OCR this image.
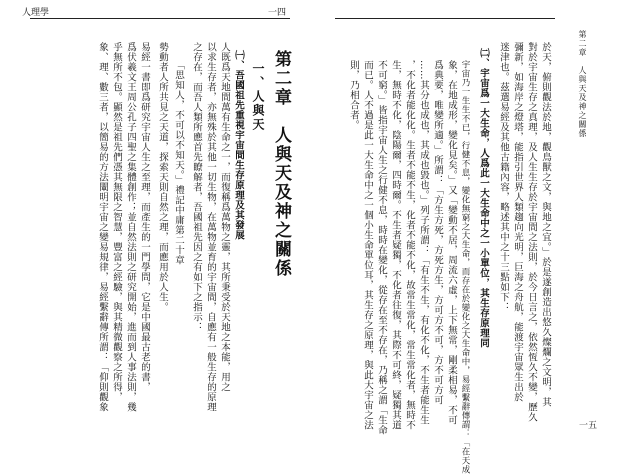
人理學	一四
第二章　人與天及神之關係
一、人與天
㈠、吾國祖先重視宇宙間生存原理及其發展
人既爲天地間萬有生命之一，而復稱爲萬物之靈，其所秉受於天地之本能，用之
以求生存者，亦無殊於其他一切生物，在萬物並育的宇宙間，自應有一般生存的原理
之存在，而吾人類所應首先瞭解者，吾國祖先因之有如下之指示：
「思知人，不可以不知天。」禮記中庸第二十章
勢動者人所共見之天道，探索天則自然之理，而應用於人生。
易經一書即爲研究宇宙人生之至理，而產生的一門學問，它是中國最古老的書，
爲伏羲文王周公孔子四聖之集體創作；並自然法則之研究開始，進而到人事法則，幾
乎無所不包。顯然是祖先們憑其無限之智慧，豐富之經驗，與其精微觀察之所得，
象、理、數三者，以簡易的方法闡明宇宙之變易規律，易經繫辭傳所謂：「仰則觀象	第二章　人與天及神之關係
一五
於天，俯則觀法於地，觀鳥獸之文，與地之宜。」於是遂創造出悠久燦爛之文明，其
對於宇宙生存之真理，及人生生存於宇宙間之法則，於今日言之，依然恆久不變，歷久
彌新，如海岸之燈塔，能指引世界人類趨向光明，巨海之舟航，能渡宇宙眾生出於
迷津也。茲選易經及其他古籍內容，略述其中之十三點如下：
㈡、宇宙爲一大生命，人爲此一大生命中之一小單位，其生存原理同
宇宙乃一生生不已，行健不息，變化無窮之大生命，而存在於變化之大生命中，易經繫辭傳謂：「在天成
象，在地成形，變化見矣。」又「變動不居，周流六虛，上下無常，剛柔相易，不可
爲典要，唯變所適。」所謂：「方生方死，方死方生，方可方不可，方不可方可
……其分也成也，其成也毀也。」列子所謂：「有生不生，有化不化，不生者能生生
，不化者能化化。生者不能不生，化者不能不化，故常生常化，常生常化者，無時不
生，無時不化，陰陽爾，四時爾。不生者疑獨，不化者往復，其際不可終，疑獨其道
不可窮。」皆指宇宙人生之行健不息，時時在變化，從存在至不存在，乃稱之謂「生命
而已。人不過是此一大生命中之一個小生命單位耳，其生存之原理，與此大宇宙之法
則，乃相合者。
